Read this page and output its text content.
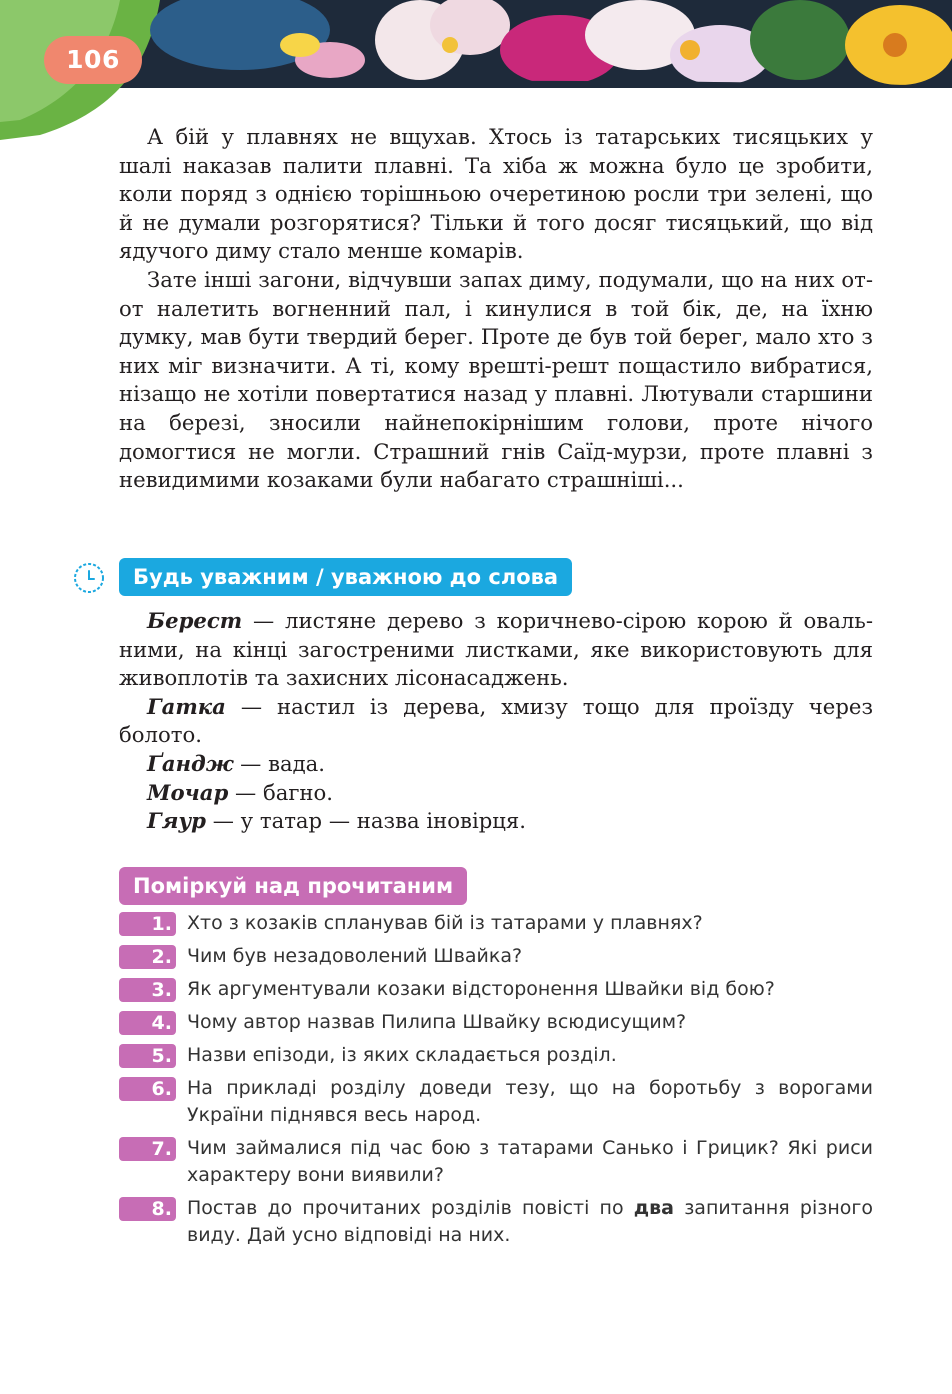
106

А бій у плавнях не вщухав. Хтось із татарських тисяцьких у шалі наказав палити плавні. Та хіба ж можна було це зробити, коли поряд з однією торішньою очеретиною росли три зелені, що й не думали розгорятися? Тільки й того досяг тисяцький, що від ядучого диму стало менше комарів.

Зате інші загони, відчувши запах диму, подумали, що на них от-от налетить вогненний пал, і кинулися в той бік, де, на їхню думку, мав бути твердий берег. Проте де був той берег, мало хто з них міг визначити. А ті, кому врешті-решт пощастило вибратися, нізащо не хотіли повертатися назад у плавні. Лютували старшини на березі, зносили найнепокірнішим голови, проте нічого домогтися не могли. Страшний гнів Саїд-мурзи, проте плавні з невидимими козаками були набагато страшніші...

Будь уважним / уважною до слова

Берест — листяне дерево з коричнево-сірою корою й овальними, на кінці загостреними листками, яке використовують для живоплотів та захисних лісонасаджень.

Гатка — настил із дерева, хмизу тощо для проїзду через болото.

Ґандж — вада.

Мочар — багно.

Гяур — у татар — назва іновірця.

Поміркуй над прочитаним
1. Хто з козаків спланував бій із татарами у плавнях?
2. Чим був незадоволений Швайка?
3. Як аргументували козаки відсторонення Швайки від бою?
4. Чому автор назвав Пилипа Швайку всюдисущим?
5. Назви епізоди, із яких складається розділ.
6. На прикладі розділу доведи тезу, що на боротьбу з ворогами України піднявся весь народ.
7. Чим займалися під час бою з татарами Санько і Грицик? Які риси характеру вони виявили?
8. Постав до прочитаних розділів повісті по два запитання різного виду. Дай усно відповіді на них.
